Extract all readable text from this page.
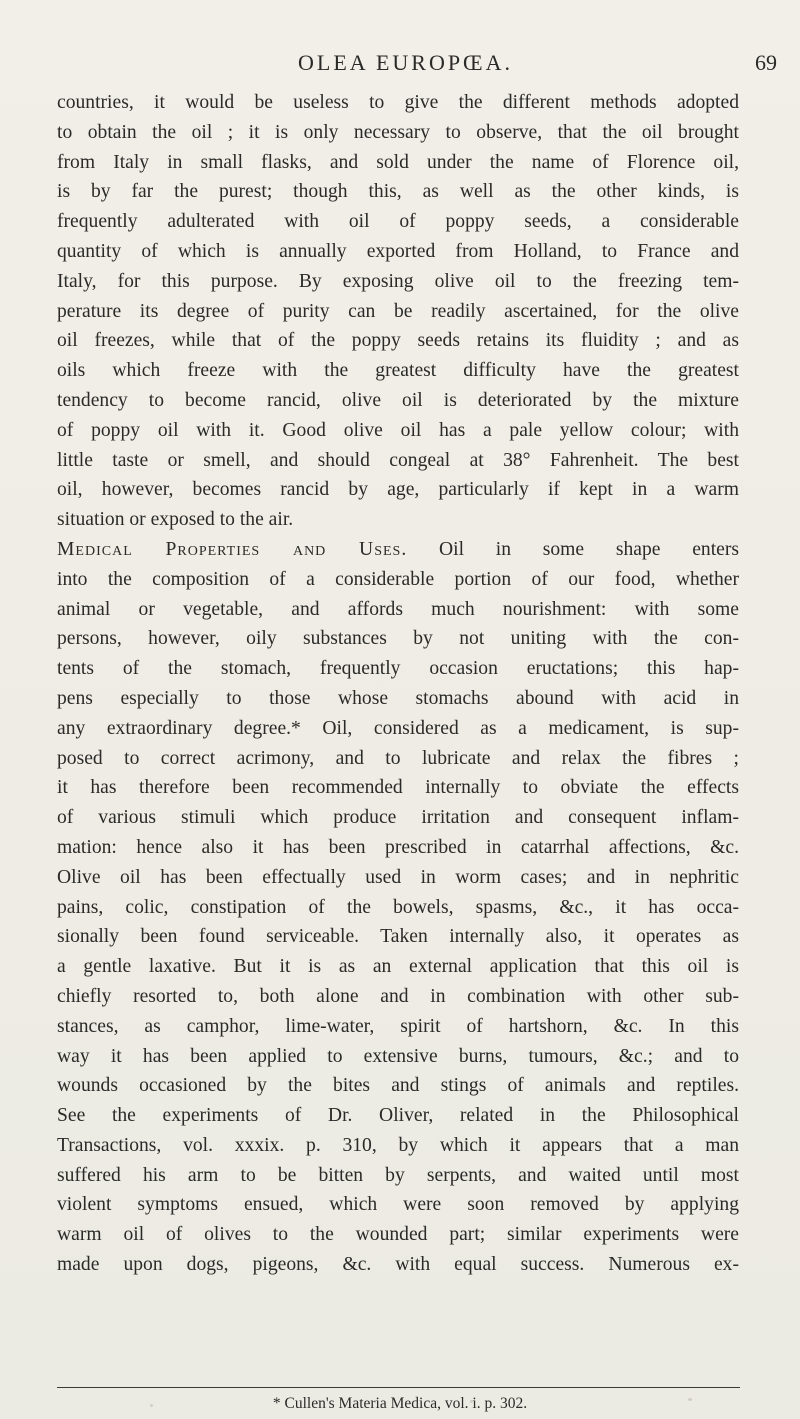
OLEA EUROPŒA.	69
countries, it would be useless to give the different methods adopted
to obtain the oil ; it is only necessary to observe, that the oil brought
from Italy in small flasks, and sold under the name of Florence oil,
is by far the purest; though this, as well as the other kinds, is
frequently adulterated with oil of poppy seeds, a considerable
quantity of which is annually exported from Holland, to France and
Italy, for this purpose. By exposing olive oil to the freezing tem-
perature its degree of purity can be readily ascertained, for the olive
oil freezes, while that of the poppy seeds retains its fluidity ; and as
oils which freeze with the greatest difficulty have the greatest
tendency to become rancid, olive oil is deteriorated by the mixture
of poppy oil with it. Good olive oil has a pale yellow colour; with
little taste or smell, and should congeal at 38° Fahrenheit. The best
oil, however, becomes rancid by age, particularly if kept in a warm
situation or exposed to the air.
Medical Properties and Uses. Oil in some shape enters
into the composition of a considerable portion of our food, whether
animal or vegetable, and affords much nourishment: with some
persons, however, oily substances by not uniting with the con-
tents of the stomach, frequently occasion eructations; this hap-
pens especially to those whose stomachs abound with acid in
any extraordinary degree.* Oil, considered as a medicament, is sup-
posed to correct acrimony, and to lubricate and relax the fibres ;
it has therefore been recommended internally to obviate the effects
of various stimuli which produce irritation and consequent inflam-
mation: hence also it has been prescribed in catarrhal affections, &c.
Olive oil has been effectually used in worm cases; and in nephritic
pains, colic, constipation of the bowels, spasms, &c., it has occa-
sionally been found serviceable. Taken internally also, it operates as
a gentle laxative. But it is as an external application that this oil is
chiefly resorted to, both alone and in combination with other sub-
stances, as camphor, lime-water, spirit of hartshorn, &c. In this
way it has been applied to extensive burns, tumours, &c.; and to
wounds occasioned by the bites and stings of animals and reptiles.
See the experiments of Dr. Oliver, related in the Philosophical
Transactions, vol. xxxix. p. 310, by which it appears that a man
suffered his arm to be bitten by serpents, and waited until most
violent symptoms ensued, which were soon removed by applying
warm oil of olives to the wounded part; similar experiments were
made upon dogs, pigeons, &c. with equal success. Numerous ex-
* Cullen's Materia Medica, vol. i. p. 302.
